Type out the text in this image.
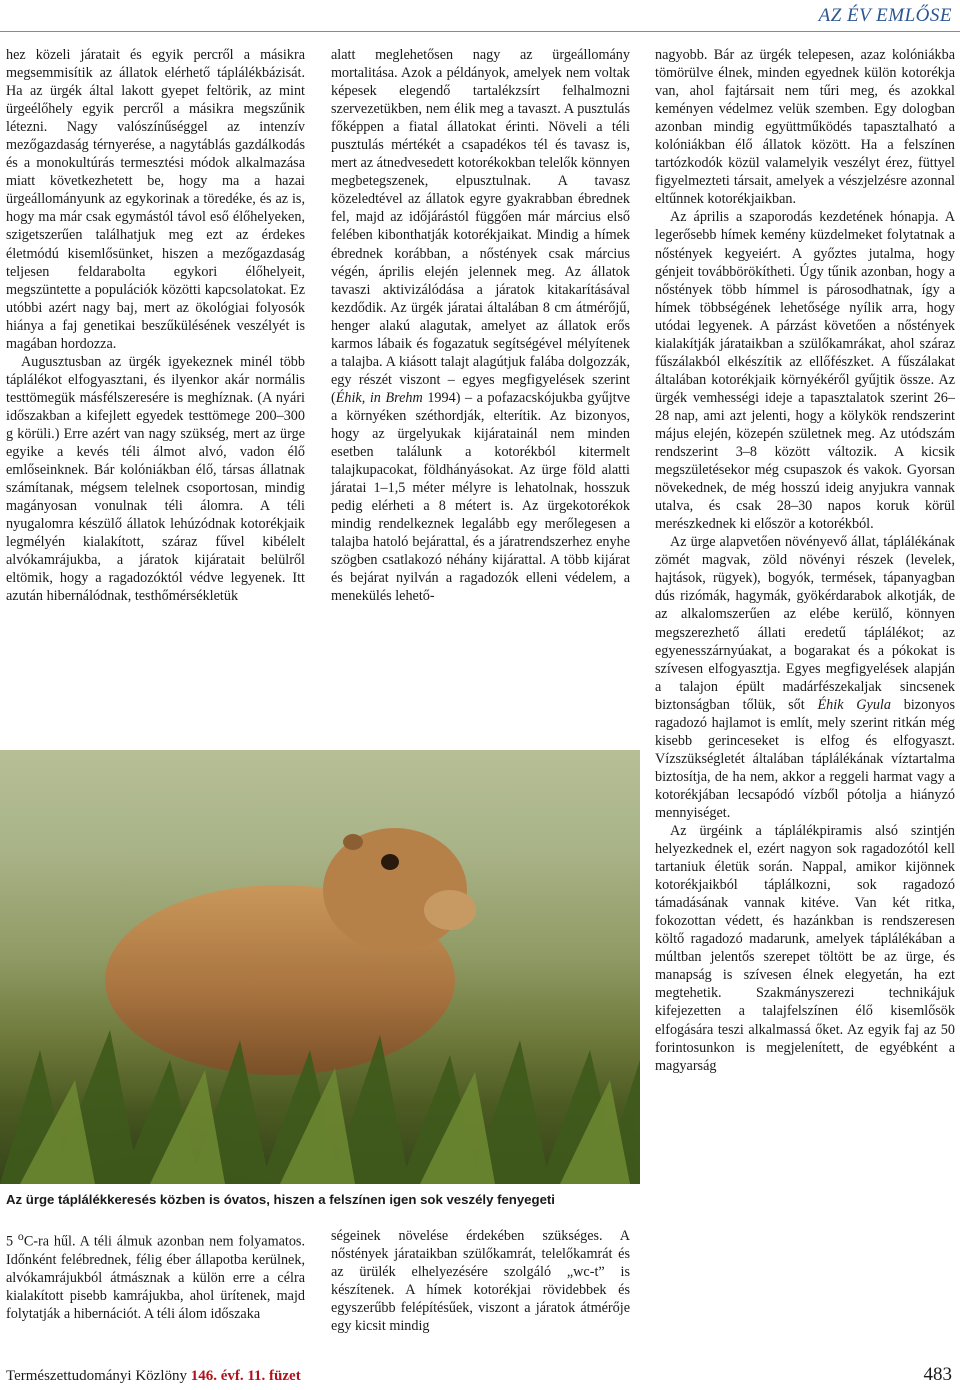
AZ ÉV EMLŐSE

hez közeli járatait és egyik percről a másikra megsemmisítik az állatok elérhető táplálékbázisát. Ha az ürgék által lakott gyepet feltörik, az mint ürgeélőhely egyik percről a másikra megszűnik létezni. Nagy valószínűséggel az intenzív mezőgazdaság térnyerése, a nagytáblás gazdálkodás és a monokultúrás termesztési módok alkalmazása miatt következhetett be, hogy ma a hazai ürgeállományunk az egykorinak a töredéke, és az is, hogy ma már csak egymástól távol eső élőhelyeken, szigetszerűen találhatjuk meg ezt az érdekes életmódú kisemlősünket, hiszen a mezőgazdaság teljesen feldarabolta egykori élőhelyeit, megszüntette a populációk közötti kapcsolatokat. Ez utóbbi azért nagy baj, mert az ökológiai folyosók hiánya a faj genetikai beszűkülésének veszélyét is magában hordozza.

Augusztusban az ürgék igyekeznek minél több táplálékot elfogyasztani, és ilyenkor akár normális testtömegük másfélszeresére is meghíznak. (A nyári időszakban a kifejlett egyedek testtömege 200–300 g körüli.) Erre azért van nagy szükség, mert az ürge egyike a kevés téli álmot alvó, vadon élő emlőseinknek. Bár kolóniákban élő, társas állatnak számítanak, mégsem telelnek csoportosan, mindig magányosan vonulnak téli álomra. A téli nyugalomra készülő állatok lehúzódnak kotorékjaik legmélyén kialakított, száraz fűvel kibélelt alvókamrájukba, a járatok kijáratait belülről eltömik, hogy a ragadozóktól védve legyenek. Itt azután hibernálódnak, testhőmérsékletük

alatt meglehetősen nagy az ürgeállomány mortalitása. Azok a példányok, amelyek nem voltak képesek elegendő tartalékzsírt felhalmozni szervezetükben, nem élik meg a tavaszt. A pusztulás főképpen a fiatal állatokat érinti. Növeli a téli pusztulás mértékét a csapadékos tél és tavasz is, mert az átnedvesedett kotorékokban telelők könnyen megbetegszenek, elpusztulnak. A tavasz közeledtével az állatok egyre gyakrabban ébrednek fel, majd az időjárástól függően már március első felében kibonthatják kotorékjaikat. Mindig a hímek ébrednek korábban, a nőstények csak március végén, április elején jelennek meg. Az állatok tavaszi aktivizálódása a járatok kitakarításával kezdődik. Az ürgék járatai általában 8 cm átmérőjű, henger alakú alagutak, amelyet az állatok erős karmos lábaik és fogazatuk segítségével mélyítenek a talajba. A kiásott talajt alagútjuk falába dolgozzák, egy részét viszont – egyes megfigyelések szerint (Éhik, in Brehm 1994) – a pofazacskójukba gyűjtve a környéken széthordják, elterítik. Az bizonyos, hogy az ürgelyukak kijáratainál nem minden esetben találunk a kotorékból kitermelt talajkupacokat, földhányásokat. Az ürge föld alatti járatai 1–1,5 méter mélyre is lehatolnak, hosszuk pedig elérheti a 8 métert is. Az ürgekotorékok mindig rendelkeznek legalább egy merőlegesen a talajba hatoló bejárattal, és a járatrendszerhez enyhe szögben csatlakozó néhány kijárattal. A több kijárat és bejárat nyilván a ragadozók elleni védelem, a menekülés lehető-

nagyobb. Bár az ürgék telepesen, azaz kolóniákba tömörülve élnek, minden egyednek külön kotorékja van, ahol fajtársait nem tűri meg, és azokkal keményen védelmez velük szemben. Egy dologban azonban mindig együttműködés tapasztalható a kolóniákban élő állatok között. Ha a felszínen tartózkodók közül valamelyik veszélyt érez, füttyel figyelmezteti társait, amelyek a vészjelzésre azonnal eltűnnek kotorékjaikban.

Az április a szaporodás kezdetének hónapja. A legerősebb hímek kemény küzdelmeket folytatnak a nőstények kegyeiért. A győztes jutalma, hogy génjeit továbbörökítheti. Úgy tűnik azonban, hogy a nőstények több hímmel is párosodhatnak, így a hímek többségének lehetősége nyílik arra, hogy utódai legyenek. A párzást követően a nőstények kialakítják járataikban a szülőkamrákat, ahol száraz fűszálakból elkészítik az ellőfészket. A fűszálakat általában kotorékjaik környékéről gyűjtik össze. Az ürgék vemhességi ideje a tapasztalatok szerint 26–28 nap, ami azt jelenti, hogy a kölykök rendszerint május elején, közepén születnek meg. Az utódszám rendszerint 3–8 között változik. A kicsik megszületésekor még csupaszok és vakok. Gyorsan növekednek, de még hosszú ideig anyjukra vannak utalva, és csak 28–30 napos koruk körül merészkednek ki először a kotorékból.

Az ürge alapvetően növényevő állat, táplálékának zömét magvak, zöld növényi részek (levelek, hajtások, rügyek), bogyók, termések, tápanyagban dús rizómák, hagymák, gyökérdarabok alkotják, de az alkalomszerűen az elébe kerülő, könnyen megszerezhető állati eredetű táplálékot; az egyenesszárnyúakat, a bogarakat és a pókokat is szívesen elfogyasztja. Egyes megfigyelések alapján a talajon épült madárfészekaljak sincsenek biztonságban tőlük, sőt Éhik Gyula bizonyos ragadozó hajlamot is említ, mely szerint ritkán még kisebb gerinceseket is elfog és elfogyaszt. Vízszükségletét általában táplálékának víztartalma biztosítja, de ha nem, akkor a reggeli harmat vagy a kotorékjában lecsapódó vízből pótolja a hiányzó mennyiséget.

Az ürgéink a táplálékpiramis alsó szintjén helyezkednek el, ezért nagyon sok ragadozótól kell tartaniuk életük során. Nappal, amikor kijönnek kotorékjaikból táplálkozni, sok ragadozó támadásának vannak kitéve. Van két ritka, fokozottan védett, és hazánkban is rendszeresen költő ragadozó madarunk, amelyek táplálékában a múltban jelentős szerepet töltött be az ürge, és manapság is szívesen élnek elegyetán, ha ezt megtehetik. Szakmányszerezi technikájuk kifejezetten a talajfelszínen élő kisemlősök elfogására teszi alkalmassá őket. Az egyik faj az 50 forintosunkon is megjelenített, de egyébként a magyarság

Az ürge táplálékkeresés közben is óvatos, hiszen a felszínen igen sok veszély fenyegeti

5 $^o$C-ra hűl. A téli álmuk azonban nem folyamatos. Időnként felébrednek, félig éber állapotba kerülnek, alvókamrájukból átmásznak a külön erre a célra kialakított pisebb kamrájukba, ahol ürítenek, majd folytatják a hibernációt. A téli álom időszaka

ségeinek növelése érdekében szükséges. A nőstények járataikban szülőkamrát, telelőkamrát és az ürülék elhelyezésére szolgáló „wc-t” is készítenek. A hímek kotorékjai rövidebbek és egyszerűbb felépítésűek, viszont a járatok átmérője egy kicsit mindig

Természettudományi Közlöny 146. évf. 11. füzet	483
